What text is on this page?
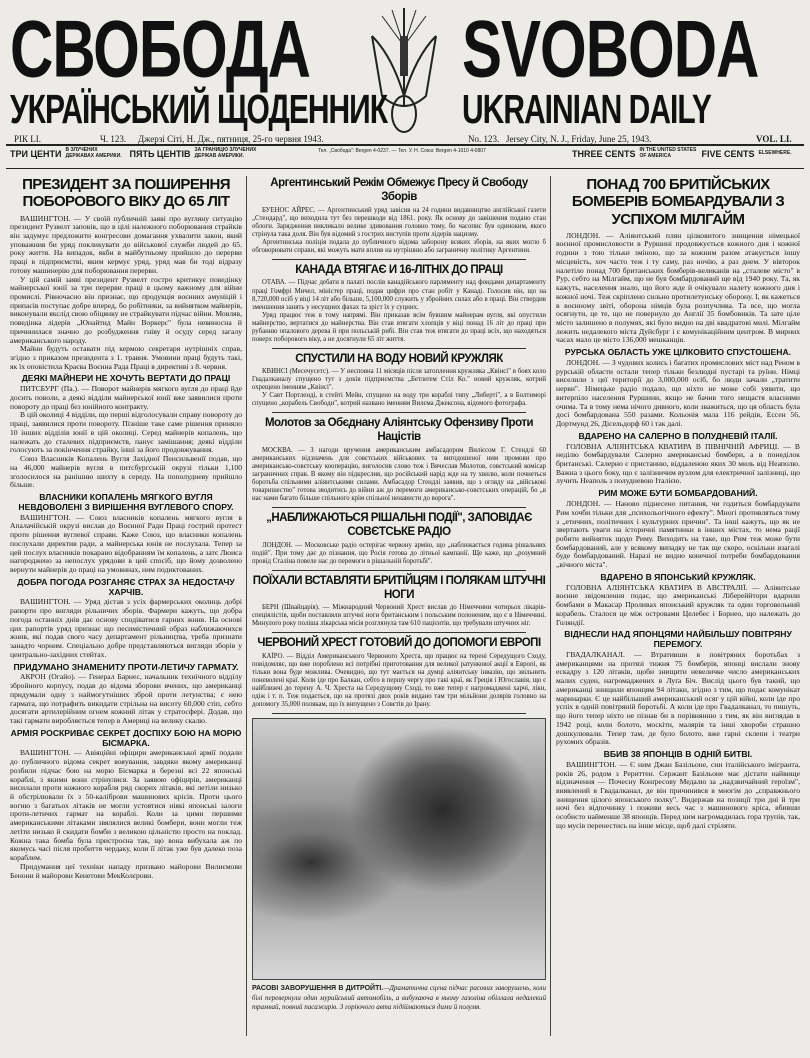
СВОБОДА	SVOBODA
УКРАЇНСЬКИЙ ЩОДЕННИК UKRAINIAN DAILY
РІК LI.	Ч. 123. Джерзі Сіті, Н. Дж., пятниця, 25-го червня 1943.	No. 123. Jersey City, N. J., Friday, June 25, 1943.	VOL. LI.
ТРИ ЦЕНТИ В ЗЛУЧЕНИХ ДЕРЖАВАХ АМЕРИКИ. ПЯТЬ ЦЕНТІВ ЗА ГРАНИЦЮ ЗЛУЧЕНИХ ДЕРЖАВ АМЕРИКИ.
Тел. „Свобода": Bergen 4-0237. — Тел. У. Н. Союз: Bergen 4-1010 4-0807	THREE CENTS IN THE UNITED STATES OF AMERICA	FIVE CENTS ELSEWHERE.
ПРЕЗИДЕНТ ЗА ПОШИРЕННЯ ПОБОРОВОГО ВІКУ ДО 65 ЛІТ

ВАШИНГТОН. — У своїй публичній заяві про вугляну ситуацію президент Рузвелт заповів, що в цілі належного поборювання страйків він задумує предложити конгресови домагання ухвалити закон, який уповажнив би уряд покликувати до військової служби людей до 65. року життя. На випадок, якби в майбутньому прийшло до перерви праці в підприємстві, яким кермує уряд, уряд мав би тоді відразу готову машинерію для поборювання перерви.

У цій самій заяві президент Рузвелт гостро критикує поведінку майнерської юнії за три перерви праці в цьому важному для війни промислі. Рівночасно він признає, що продукція воєнних амуніцій і припасів поступає добре вперед, бо робітники, за вийнятком майнерів, виконували якслід свою обіцянку не страйкувати підчас війни. Мовляв, поведінка лідерів „Юнайтид Майн Воркерс" була невиносна й причинилася значно до розбудження гніву й осуду серед загалу американського народу.

Майни будуть оставати під кермою секретаря нутрішніх справ, згідно з приказом президента з 1. травня. Умовини праці будуть такі, як їх оповістила Краєва Воєнна Рада Праці в директиві з 8. червня.

ДЕЯКІ МАЙНЕРИ НЕ ХОЧУТЬ ВЕРТАТИ ДО ПРАЦІ

ПИТСБУРГ (Па.). — Поворот майнерів мягкого вугля до праці йде досить поволи, а деякі відділи майнерської юнії вже заявилися проти повороту до праці без юнійного контракту.

В цій околиці 4 відділи, що перші відголосували справу повороту до праці, заявилися проти повороту. Пізніше таке саме рішення приняло 10 інших відділів юнії в цій околиці. Серед майнерів копалень, що належать до сталевих підприємств, панує замішання; деякі відділи голосують за покінчення страйку, інші за його продовжування.

Союз Власників Копалень Вугля Західної Пенсильвенії подав, що на 46,000 майнерів вугля в питсбургській окрузі тільки 1,100 зголосилося на ранішню шихту в середу. На пополудневу прийшло більше.

ВЛАСНИКИ КОПАЛЕНЬ МЯГКОГО ВУГЛЯ НЕВДОВОЛЕНІ З ВИРІШЕННЯ ВУГЛЕВОГО СПОРУ.

ВАШИНГТОН. — Союз власників копалень мягкого вугля в Апалачійській окрузі вислав до Воєнної Ради Праці гострий протест проти рішення вуглевої справи. Каже Союз, що власники копалень послухали директив ради, а майнерська юнія не послухала. Тепер за цей послух власників покарано відобранням їм копалень, а затє Люиса нагороджено за непослух урядови в цей спосіб, що йому дозволено вернути майнерів до праці на умовинах, ним подиктованих.

ДОБРА ПОГОДА РОЗГАНЯЄ СТРАХ ЗА НЕДОСТАЧУ ХАРЧІВ.

ВАШИНГТОН. — Уряд дістав з усіх фармерських околиць добрі рапорти про вигляди рільничих зборів. Фармери кажуть, що добра погода останніх днів дає основу сподіватися гарних жнив. На основі цих рапортів уряд признає що песимістичний образ наближаючихся жнив, які подав свого часу департамент рільництва, треба признати занадто чорним. Спеціально добре представляються вигляди зборів у центрально-західних стейтах.

ПРИДУМАНО ЗНАМЕНИТУ ПРОТИ-ЛЕТИЧУ ГАРМАТУ.

АКРОН (Огайо). — Генерал Барнес, начальник технічного відділу збройного корпусу, подав до відома зборови вчених, що американці придумали одну з наймогутніших зброй проти летунства; є нею гармата, що потрафить викидати стрільна на висоту 60,000 стіп, себто досягати артилерійним огнем кожний літак у стратосфері. Додав, що такі гармати виробляється тепер в Америці на велику скалю.

АРМІЯ РОСКРИВАЄ СЕКРЕТ ДОСПІХУ БОЮ НА МОРЮ БІСМАРКА.

ВАШИНГТОН. — Авіяційні офіцири американської армії подали до публичного відома секрет вояування, завдяки якому американці розбили підчас бою на морю Бісмарка в березні всі 22 японські кораблі, з якими вони стрінулися. За заявою офіцирів, американці висилали проти кожного корабля ряд скорих літаків, які летіли низько й обстрілювали їх з 50-каліброви машинових крісів. Проти цього вогню з багатьох літаків не могли устоятися ніякі японські залоги проти-летичих гармат на кораблі. Коли за цими першими американськими літаками звялялися великі бомбери, вони могли теж летіти низько й скидати бомби з великою цільністю просто на поклад. Кожна така бомба була пристроєна так, що вона вибухала аж по якомусь часі після пробиття чердаку, коли її літак уже був далеко поза кораблем.

Придумання цеї техніки нападу призвано майорови Вилиємови Бенони й майорови Кенетови МекКолєрови.

Аргентинський Режім Обмежує Пресу й Свободу Зборів

БУЕНОС АЙРЕС. — Аргентинський уряд завісив на 24 години видавництво англійської газети „Стендард", що виходила тут без перешкоди від 1861. року. Як основу до завішення подано стан облоги. Зарядження викликало велике здивовання головно тому, бо часопис був одиноким, якого стрінула така доля. Він був відомий з гострих виступів проти лідерів нацизму.

Аргентинська поліція подала до публичного відома заборону всяких зборів, на яких могло б обговорювати справи, які можуть мати вплив на нутрішню або заграничну політику Аргентини.

КАНАДА ВТЯГАЄ И 16-ЛІТНІХ ДО ПРАЦІ

ОТАВА. — Підчас дебати в палаті послів канадійського парляменту над фондами департаменту праці Гомфрі Мичел, міністер праці, подав цифри про стан робіт у Канаді. Голосив він, що на 8,720,000 осіб у віці 14 літ або більше, 5,100,000 служить у збройних силах або в праці. Він ствердив зменшення занять у несущних фахах та зріст їх у суцних.

Уряд працює теж в тому напрямі. Він приказав всім бувшим майнерам вугля, які опустили майнерство, вертатися до майнерства. Він став втягати хлопців у віці понад 16 літ до праці при рубанню опалового дерева й при польській рибі. Він став теж втягати до праці всіх, що находяться поверх поборового віку, а не досягнули 65 літ життя.

СПУСТИЛИ НА ВОДУ НОВИЙ КРУЖЛЯК

КВИНСІ (Месечусетс). — У несповна 11 місяців після затоплення кружляка „Квінсі" в боях коло Гвадалканалу спущено тут з доків підприємства „Бетлеґем Стіл Ко." новий кружляк, котрий охрещено іменням „Квінсі".

У Савт Портленді, в стейті Мейн, спущено на воду три кораблі типу „Либерті", а в Болтиморі спущено „корабель Свободи", котрий названо іменням Вилєма Джексона, відомого фотографа.

Молотов за Обєднану Аліянтську Офензиву Проти Націстів

МОСКВА. — З нагоди вручення американським амбасадором Вилієсом Г. Стендлі 60 американських відзначень для совєтських військових та вигодошеної ним промови про американсько-совєтську кооперацію, виголосив слово теж і Вячеслав Молотов, совєтський комісар заграничних справ. В якому він підкреслив, що російський нарід жде на ту хвилю, коли почнеться боротьба спільними аліянтськими силами. Амбасадор Стендлі заявив, що з огляду на „військові товаришество" готова зводитись до війни аж до перемоги американсько-совєтських операцій, бо „в нас нами багато більше спільного крім спільної ненависти до ворога".

„НАБЛИЖАЮТЬСЯ РІШАЛЬНІ ПОДІЇ", ЗАПОВІДАЄ СОВЄТСЬКЕ РАДІО

ЛОНДОН. — Московське радіо остерігає червону армію, що „наближається година рішальних подій". При тому дає до пізнання, що Росія готова до літньої кампанії. Ще каже, що „розумний провід Сталіна повеле нас до перемоги в рішальній боротьбі".

ПОЇХАЛИ ВСТАВЛЯТИ БРИТІЙЦЯМ І ПОЛЯКАМ ШТУЧНІ НОГИ

БЕРН (Швайцарія). — Міжнародний Червоний Хрест вислав до Німеччини чотирьох лікарів-спеціялістів, щоби поставляли штучні ноги британським і польським полоненим, що є в Німеччині. Минулого року поліша лікарська місія розглянула там 610 пацієнтів, що требували штучних ніг.

ЧЕРВОНИЙ ХРЕСТ ГОТОВИЙ ДО ДОПОМОГИ ЕВРОПІ

КАЇРО. — Відділ Американського Червоного Хреста, що працює на терені Середущого Сходу, повідомляє, що вже пороблено всі потрібні приготовання для великої ратункової акції в Европі, як тільки вона буде можлива. Очевидно, що тут мається на думці аліянтську інвазію, що звільнить поневолені краї. Коли іде про Балкан, себто в першу чергу про такі краї, як Греція і Югославія, що є найближчі до терену А. Ч. Хреста на Середущому Сході, то вже тепер є нагромаджені харчі, ліки, одіж і т. п. Теж подається, що на протязі двох років видано там три мільйони долярів головно на допомогу 35,000 полякам, що їх випущено з Совєтів до Ірану.

РАСОВІ ЗАВОРУШЕННЯ В ДИТРОЙТІ.—Драматична сцена підчас расових заворушень, коли білі перевернули один мурийський автомобіль, а вибухаюча в ньому газоліна обіллала недалекий трамвай, повний пасажирів. З горіючого авта підіймаються дими й полумя.
ПОНАД 700 БРИТІЙСЬКИХ БОМБЕРІВ БОМБАРДУВАЛИ З УСПІХОМ МІЛГАЙМ

ЛОНДОН. — Аліянтський плян цілковитого знищення німецької воєнної промисловости в Руршині продовжується кожного дня і кожної години з тою тільки зміною, що за кожним разом атакується іншу місцевість, хоч часто теж і ту саму, раз ночію, а раз днем. У вівторок налетіло понад 700 британських бомберів-великанів на „сталеве місто" в Рур, себто на Мілгайм, що не був бомбардований ще від 1940 року. Та, як кажуть, населення знало, що його жде й очікувало налету кожного дня і кожної ночі. Теж скріплено сильно протилетунську оборону. І, як кажеться в воєнному звіті, оборона німців була розпучлива. Та все, що могла осягнути, це те, що не повернуло до Англії 35 бомбовиків. Та зате ціле місто залишено в полумях, які було видно на дві квадратові милі. Мілгайм лежить недалекого міста Дуйсбург і є комунікаційним центром. В мирних часах мало це місто 136,000 мешканців.

РУРСЬКА ОБЛАСТЬ УЖЕ ЦІЛКОВИТО СПУСТОШЕНА.

ЛОНДОН. — З чудових колись і багатих промислових міст над Реном в рурській области остали тепер тільки безлюдні пустарі та руїни. Німці виселили з цеї території до 3,000,000 осіб, бо люди зачали „тратити нерви". Німецьке радіо подало, що ніхто не може собі уявити, що витерпіло населення Руршини, якщо не бачив того нещастя власними очима. Та в тому нема нічого дивного, коли зважиться, що ця область була досі бомбардована 550 разами. Кольонія мала 116 рейдів, Ессен 56, Дортмунд 26, Дісельдорф 60 і так далі.

ВДАРЕНО НА САЛЕРНО В ПОЛУДНЕВІЙ ІТАЛІЇ.

ГОЛОВНА АЛІЯНТСЬКА КВАТИРА В ПІВНІЧНІЙ АФРИЦІ. — В неділю бомбардували Салерно американські бомбери, а в понеділок британські. Салерно є пристанню, віддаленою яких 30 миль від Неаполю. Важна з цього боку, що є залізничим вузлом для електричної залізниці, що лучить Неаполь з полудневою Італією.

РИМ МОЖЕ БУТИ БОМБАРДОВАНИЙ.

ЛОНДОН. — Наново піднесено питання, чи годиться бомбардувати Рим хочби тільки для „психольогічного ефекту". Многі противляться тому з „етичних, політичних і культурних причин". Та інші кажуть, що як не звертають уваги на історичні памятники в інших містах, то нема рації робити вийняток щодо Риму. Виходить на таке, що Рим теж може бути бомбардований, але у всякому випадку не так ще скоро, оскільки взагалі буде бомбардований. Наразі не видно конечної потреби бомбардовання „вічного міста".

ВДАРЕНО В ЯПОНСЬКИЙ КРУЖЛЯК.

ГОЛОВНА АЛІЯНТСЬКА КВАТИРА В АВСТРАЛІЇ. — Аліянтське воєнне звідомлення подає, що американські Лібереййтори вдарили бомбами в Макасар Проливах японський кружляк та один торговельний корабель. Сталося це між островами Целебес і Борнео, що належать до Голяндії.

ВІДНЕСЛИ НАД ЯПОНЦЯМИ НАЙБІЛЬШУ ПОВІТРЯНУ ПЕРЕМОГУ.

ГВАДАЛКАНАЛ. — Втративши в повітряних боротьбах з американцями на протязі тижня 75 бомберів, японці вислали знову ескадру з 120 літаків, щоби знищити невеличке число американських малих суден, нагромаджених в Луґа Біч. Вислід цього був такий, що американці знищили японцям 94 літаки, згідно з тим, що подає комунікат маринарки. Є це найбільший американський осяг у цій війні, коли іде про успіх в одній повітряній боротьбі. А коли іде про Гвадалканал, то пишуть, що його тепер ніхто не пізнав би в порівнянню з тим, як він виглядав в 1942 році, коли болото, москіти, малярія та інші хвороби страшно дошкулювали. Тепер там, де було болото, вже гарні склепи і театри рухомих образів.

ВБИВ 38 ЯПОНЦІВ В ОДНІЙ БИТВІ.

ВАШИНГТОН. — Є ним Джан Базільоне, син італійського імігранта, років 26, родом з Рериттен. Сержант Базільоне має дістати найвище відзначення — Почесну Конґресову Медалю за „надзвичайний героїзм", виявлений в Гвадалканал, де він причинився в многім до „справжнього знищення цілого японського полку". Видержав на позиції три дні й три ночі без відпочинку і поживи весь час з машинового кріса, вбивши особисто найменше 38 японців. Перед ним нагромадилась гора трупів, так, що мусів перенестись на інше місце, щоб далі стріляти.
